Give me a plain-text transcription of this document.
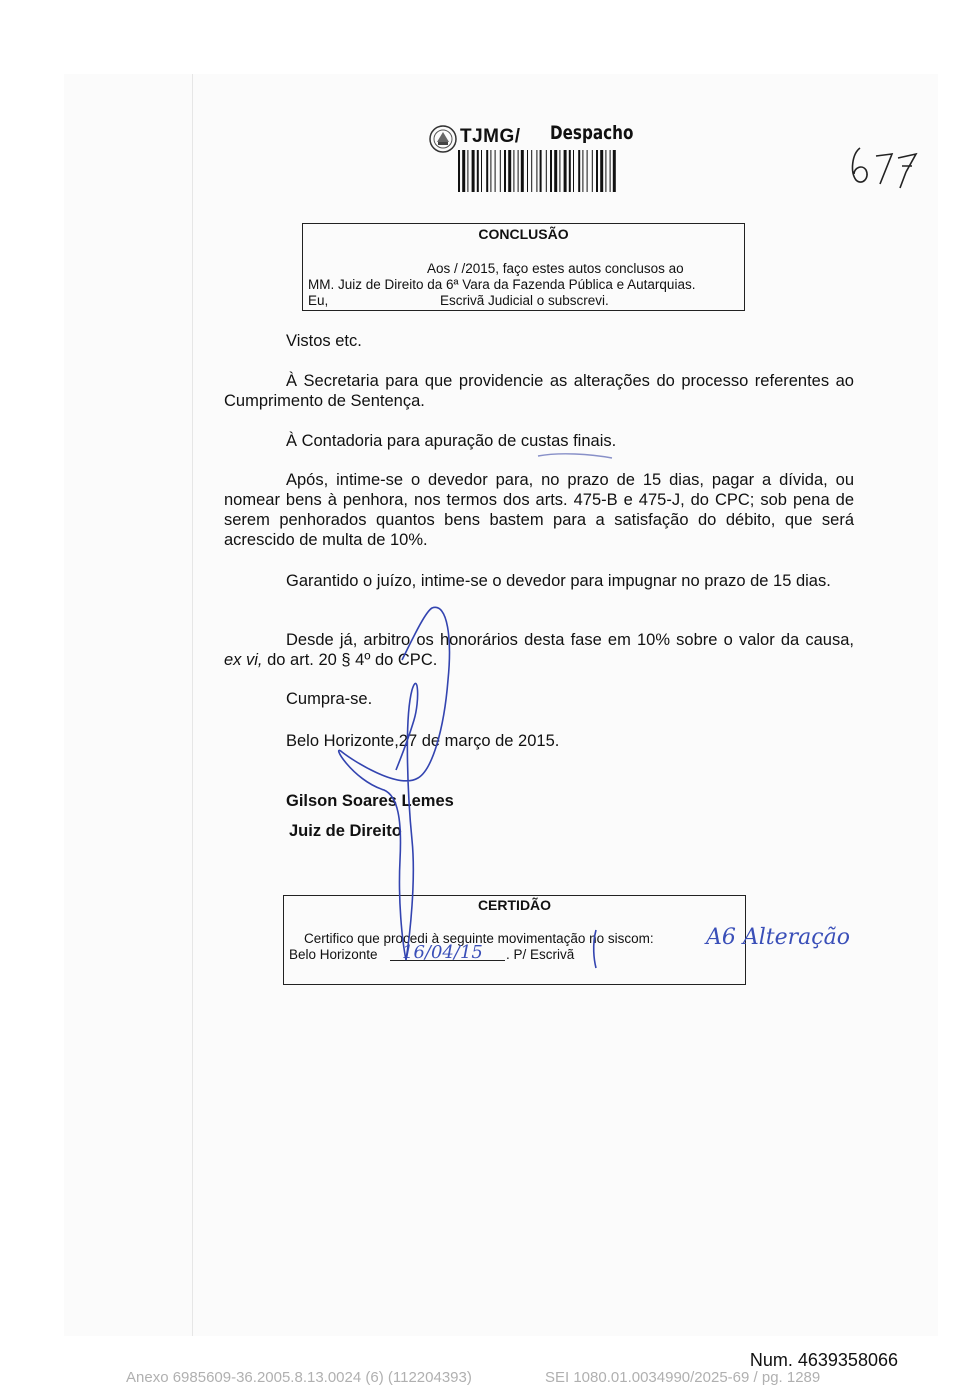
TJMG/ Despacho
CONCLUSÃO
Aos / /2015, faço estes autos conclusos ao
MM. Juiz de Direito da 6ª Vara da Fazenda Pública e Autarquias.
Eu,	Escrivã Judicial o subscrevi.
Vistos etc.
À Secretaria para que providencie as alterações do processo referentes ao Cumprimento de Sentença.
À Contadoria para apuração de custas finais.
Após, intime-se o devedor para, no prazo de 15 dias, pagar a dívida, ou nomear bens à penhora, nos termos dos arts. 475-B e 475-J, do CPC; sob pena de serem penhorados quantos bens bastem para a satisfação do débito, que será acrescido de multa de 10%.
Garantido o juízo, intime-se o devedor para impugnar no prazo de 15 dias.
Desde já, arbitro os honorários desta fase em 10% sobre o valor da causa, ex vi, do art. 20 § 4º do CPC.
Cumpra-se.
Belo Horizonte,27 de março de 2015.
Gilson Soares Lemes
Juiz de Direito
CERTIDÃO
Certifico que procedi à seguinte movimentação no siscom:
Belo Horizonte 16/04/15 . P/ Escrivã
A6 Alteração
Num. 4639358066
Anexo 6985609-36.2005.8.13.0024 (6) (112204393)	SEI 1080.01.0034990/2025-69 / pg. 1289
